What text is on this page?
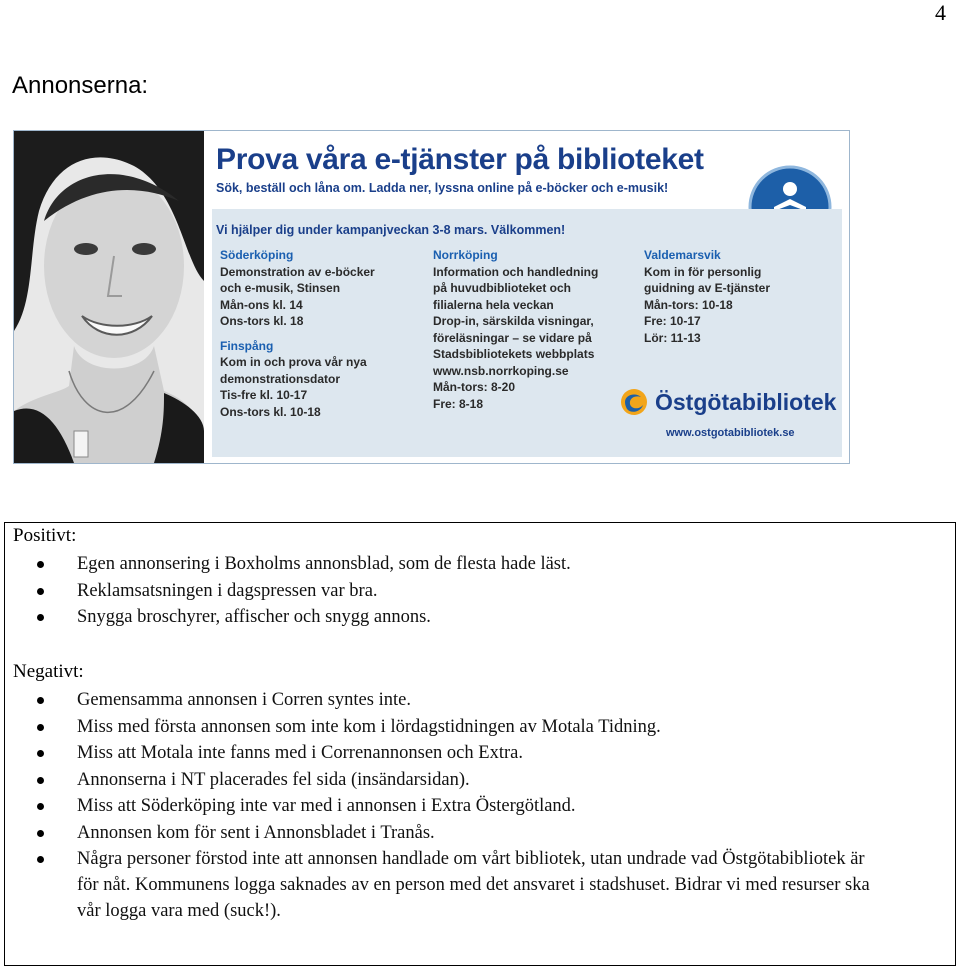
4
Annonserna:
Prova våra e-tjänster på biblioteket
Sök, beställ och låna om. Ladda ner, lyssna online på e-böcker och e-musik!
Vi hjälper dig under kampanjveckan 3-8 mars. Välkommen!
Söderköping
Demonstration av e-böcker
och e-musik, Stinsen
Mån-ons kl. 14
Ons-tors kl. 18
Finspång
Kom in och prova vår nya
demonstrationsdator
Tis-fre kl. 10-17
Ons-tors kl. 10-18
Norrköping
Information och handledning
på huvudbiblioteket och
filialerna hela veckan
Drop-in, särskilda visningar,
föreläsningar – se vidare på
Stadsbibliotekets webbplats
www.nsb.norrkoping.se
Mån-tors: 8-20
Fre: 8-18
Valdemarsvik
Kom in för personlig
guidning av E-tjänster
Mån-tors: 10-18
Fre: 10-17
Lör: 11-13
Östgötabibliotek
www.ostgotabibliotek.se
Positivt:
Egen annonsering i Boxholms annonsblad, som de flesta hade läst.
Reklamsatsningen i dagspressen var bra.
Snygga broschyrer, affischer och snygg annons.
Negativt:
Gemensamma annonsen i Corren syntes inte.
Miss med första annonsen som inte kom i lördagstidningen av Motala Tidning.
Miss att Motala inte fanns med i Correnannonsen och Extra.
Annonserna i NT placerades fel sida (insändarsidan).
Miss att Söderköping inte var med i annonsen i Extra Östergötland.
Annonsen kom för sent i Annonsbladet i Tranås.
Några personer förstod inte att annonsen handlade om vårt bibliotek, utan undrade vad Östgötabibliotek är för nåt. Kommunens logga saknades av en person med det ansvaret i stadshuset. Bidrar vi med resurser ska vår logga vara med (suck!).
